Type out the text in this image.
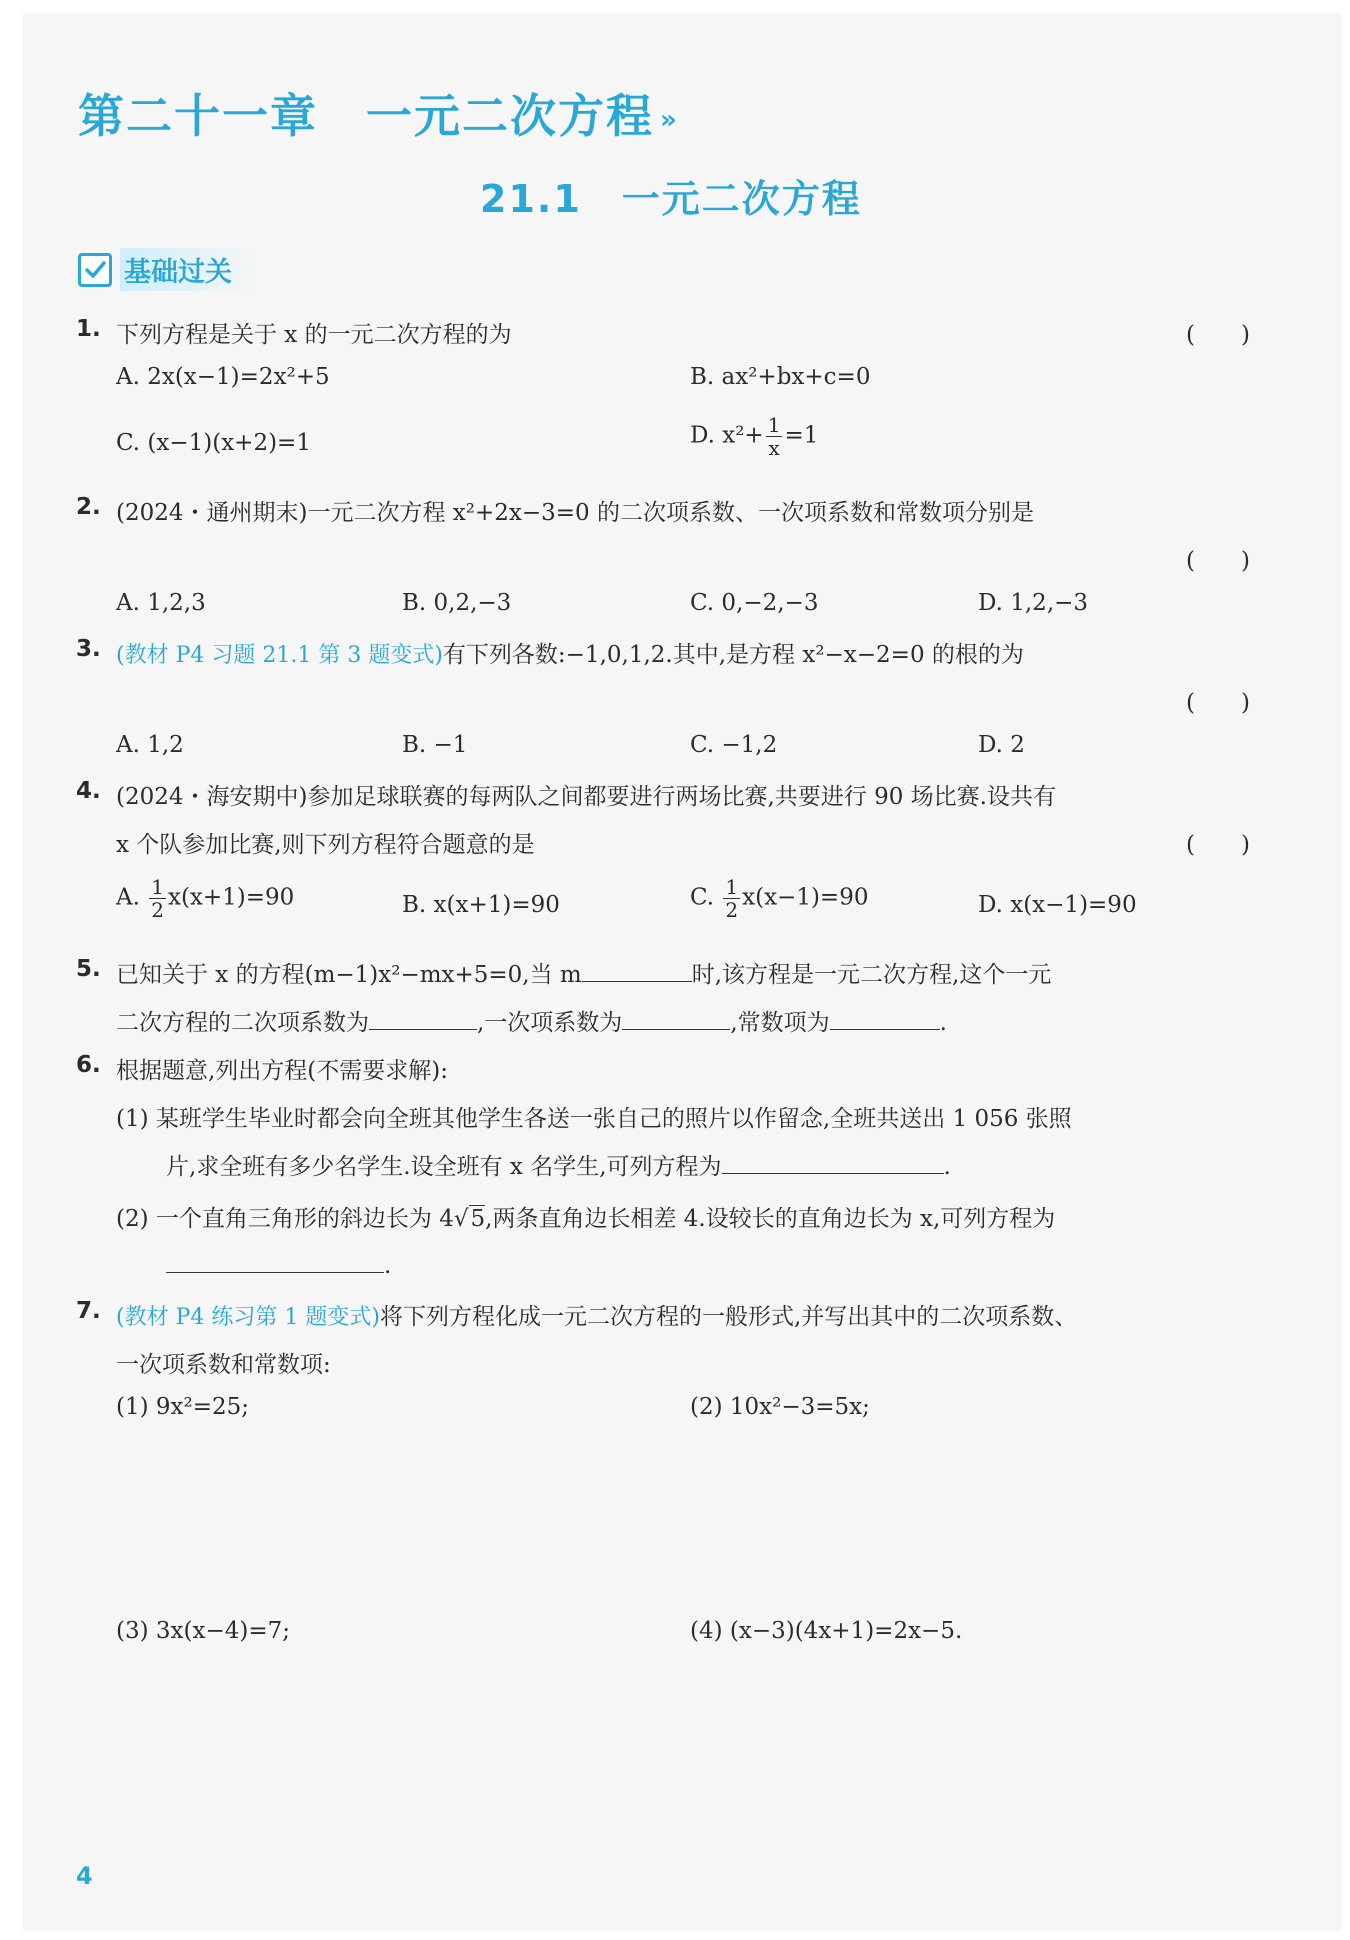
第二十一章　一元二次方程 »
21.1　一元二次方程
基础过关
1. 下列方程是关于 x 的一元二次方程的为	(　　)
A. 2x(x−1)=2x²+5	B. ax²+bx+c=0
C. (x−1)(x+2)=1	D. $x^2+ \frac{1}{x} =1$
2. (2024・通州期末)一元二次方程 x²+2x−3=0 的二次项系数、一次项系数和常数项分别是
(　　)
A. 1,2,3	B. 0,2,−3	C. 0,−2,−3	D. 1,2,−3
3. (教材 P4 习题 21.1 第 3 题变式)有下列各数:−1,0,1,2.其中,是方程 x²−x−2=0 的根的为
(　　)
A. 1,2	B. −1	C. −1,2	D. 2
4. (2024・海安期中)参加足球联赛的每两队之间都要进行两场比赛,共要进行 90 场比赛.设共有
x 个队参加比赛,则下列方程符合题意的是	(　　)
A. $\frac{1}{2} x(x+1)=90$	B. x(x+1)=90	C. $\frac{1}{2} x(x-1)=90$	D. x(x−1)=90
5. 已知关于 x 的方程(m−1)x²−mx+5=0,当 m	时,该方程是一元二次方程,这个一元
二次方程的二次项系数为	,一次项系数为	,常数项为	.
6. 根据题意,列出方程(不需要求解):
(1) 某班学生毕业时都会向全班其他学生各送一张自己的照片以作留念,全班共送出 1 056 张照
片,求全班有多少名学生.设全班有 x 名学生,可列方程为	.
(2) 一个直角三角形的斜边长为 4√5,两条直角边长相差 4.设较长的直角边长为 x,可列方程为
.
7. (教材 P4 练习第 1 题变式)将下列方程化成一元二次方程的一般形式,并写出其中的二次项系数、
一次项系数和常数项:
(1) 9x²=25;	(2) 10x²−3=5x;
(3) 3x(x−4)=7;	(4) (x−3)(4x+1)=2x−5.
4
